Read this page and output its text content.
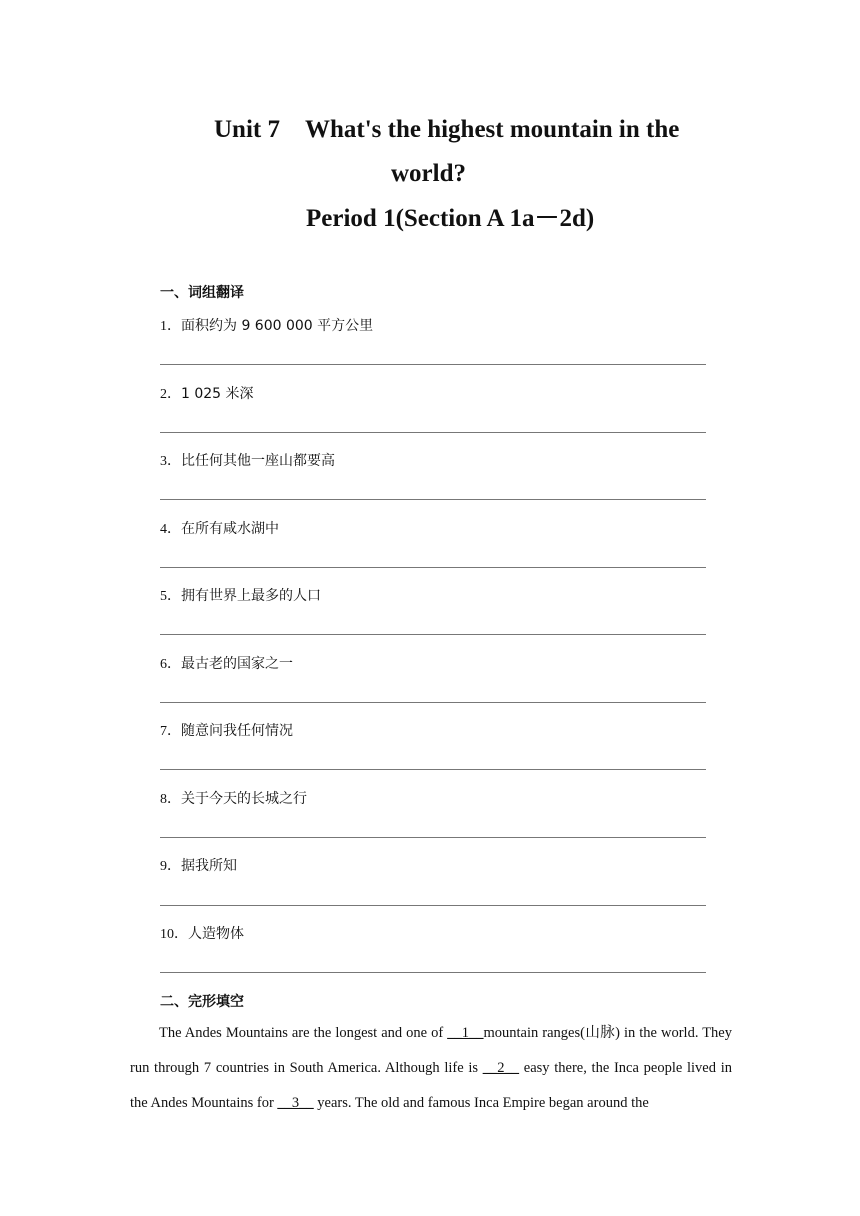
Unit 7　What's the highest mountain in the
world?
Period 1(Section A 1a－2d)
一、词组翻译
1．面积约为 9 600 000 平方公里
2．1 025 米深
3．比任何其他一座山都要高
4．在所有咸水湖中
5．拥有世界上最多的人口
6．最古老的国家之一
7．随意问我任何情况
8．关于今天的长城之行
9．据我所知
10．人造物体
二、完形填空
The Andes Mountains are the longest and one of __1__mountain ranges(山脉) in the world. They run through 7 countries in South America. Although life is __2__ easy there, the Inca people lived in the Andes Mountains for __3__ years. The old and famous Inca Empire began around the
